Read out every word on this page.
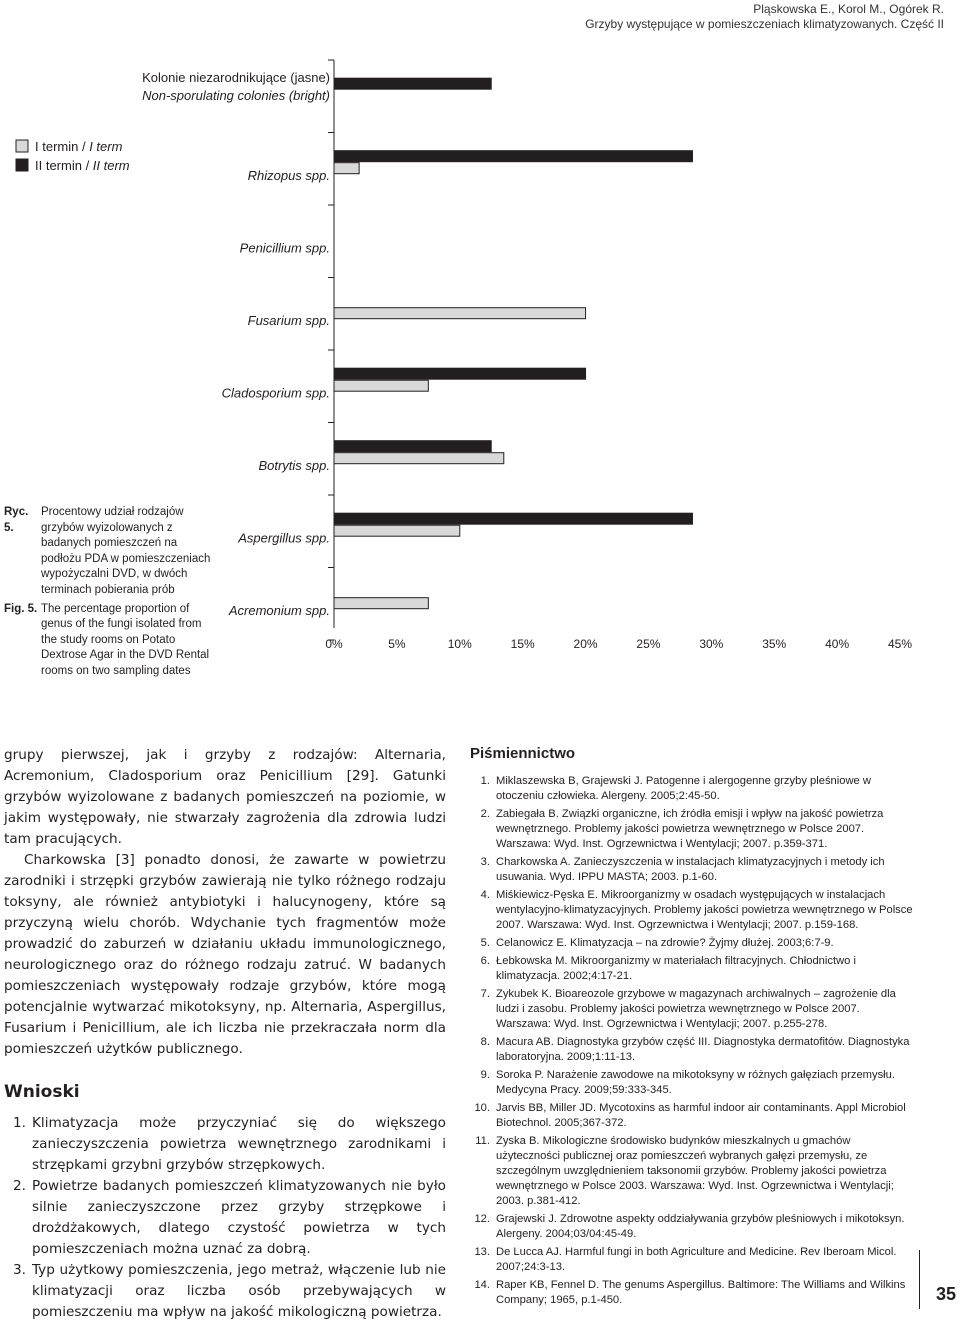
Pląskowska E., Korol M., Ogórek R.
Grzyby występujące w pomieszczeniach klimatyzowanych. Część II
Kolonie niezarodnikujące (jasne)
Non-sporulating colonies (bright)
Rhizopus spp.
Penicillium spp.
Fusarium spp.
Cladosporium spp.
Botrytis spp.
Aspergillus spp.
Acremonium spp.
0%	5%	10%	15%	20%	25%	30%	35%	40%	45%
I termin / I term
II termin / II term
Ryc. 5.
Procentowy udział rodzajów grzybów wyizolowanych z badanych pomieszczeń na podłożu PDA w pomieszczeniach wypożyczalni DVD, w dwóch terminach pobierania prób
Fig. 5. The percentage proportion of genus of the fungi isolated from the study rooms on Potato Dextrose Agar in the DVD Rental rooms on two sampling dates

grupy pierwszej, jak i grzyby z rodzajów: Alternaria, Acremonium, Cladosporium oraz Penicillium [29]. Gatunki grzybów wyizolowane z badanych pomieszczeń na poziomie, w jakim występowały, nie stwarzały zagrożenia dla zdrowia ludzi tam pracujących.

Charkowska [3] ponadto donosi, że zawarte w powietrzu zarodniki i strzępki grzybów zawierają nie tylko różnego rodzaju toksyny, ale również antybiotyki i halucynogeny, które są przyczyną wielu chorób. Wdychanie tych fragmentów może prowadzić do zaburzeń w działaniu układu immunologicznego, neurologicznego oraz do różnego rodzaju zatruć. W badanych pomieszczeniach występowały rodzaje grzybów, które mogą potencjalnie wytwarzać mikotoksyny, np. Alternaria, Aspergillus, Fusarium i Penicillium, ale ich liczba nie przekraczała norm dla pomieszczeń użytków publicznego.

Wnioski
1. Klimatyzacja może przyczyniać się do większego zanieczyszczenia powietrza wewnętrznego zarodnikami i strzępkami grzybni grzybów strzępkowych.
2. Powietrze badanych pomieszczeń klimatyzowanych nie było silnie zanieczyszczone przez grzyby strzępkowe i drożdżakowych, dlatego czystość powietrza w tych pomieszczeniach można uznać za dobrą.
3. Typ użytkowy pomieszczenia, jego metraż, włączenie lub nie klimatyzacji oraz liczba osób przebywających w pomieszczeniu ma wpływ na jakość mikologiczną powietrza.
Piśmiennictwo
1. Miklaszewska B, Grajewski J. Patogenne i alergogenne grzyby pleśniowe w otoczeniu człowieka. Alergeny. 2005;2:45-50.
2. Zabiegała B. Związki organiczne, ich źródła emisji i wpływ na jakość powietrza wewnętrznego. Problemy jakości powietrza wewnętrznego w Polsce 2007. Warszawa: Wyd. Inst. Ogrzewnictwa i Wentylacji; 2007. p.359-371.
3. Charkowska A. Zanieczyszczenia w instalacjach klimatyzacyjnych i metody ich usuwania. Wyd. IPPU MASTA; 2003. p.1-60.
4. Miśkiewicz-Pęska E. Mikroorganizmy w osadach występujących w instalacjach wentylacyjno-klimatyzacyjnych. Problemy jakości powietrza wewnętrznego w Polsce 2007. Warszawa: Wyd. Inst. Ogrzewnictwa i Wentylacji; 2007. p.159-168.
5. Celanowicz E. Klimatyzacja – na zdrowie? Żyjmy dłużej. 2003;6:7-9.
6. Łebkowska M. Mikroorganizmy w materiałach filtracyjnych. Chłodnictwo i klimatyzacja. 2002;4:17-21.
7. Zykubek K. Bioareozole grzybowe w magazynach archiwalnych – zagrożenie dla ludzi i zasobu. Problemy jakości powietrza wewnętrznego w Polsce 2007. Warszawa: Wyd. Inst. Ogrzewnictwa i Wentylacji; 2007. p.255-278.
8. Macura AB. Diagnostyka grzybów część III. Diagnostyka dermatofitów. Diagnostyka laboratoryjna. 2009;1:11-13.
9. Soroka P. Narażenie zawodowe na mikotoksyny w różnych gałęziach przemysłu. Medycyna Pracy. 2009;59:333-345.
10. Jarvis BB, Miller JD. Mycotoxins as harmful indoor air contaminants. Appl Microbiol Biotechnol. 2005;367-372.
11. Zyska B. Mikologiczne środowisko budynków mieszkalnych u gmachów użyteczności publicznej oraz pomieszczeń wybranych gałęzi przemysłu, ze szczególnym uwzględnieniem taksonomii grzybów. Problemy jakości powietrza wewnętrznego w Polsce 2003. Warszawa: Wyd. Inst. Ogrzewnictwa i Wentylacji; 2003. p.381-412.
12. Grajewski J. Zdrowotne aspekty oddziaływania grzybów pleśniowych i mikotoksyn. Alergeny. 2004;03/04:45-49.
13. De Lucca AJ. Harmful fungi in both Agriculture and Medicine. Rev Iberoam Micol. 2007;24:3-13.
14. Raper KB, Fennel D. The genums Aspergillus. Baltimore: The Williams and Wilkins Company; 1965, p.1-450.	35
